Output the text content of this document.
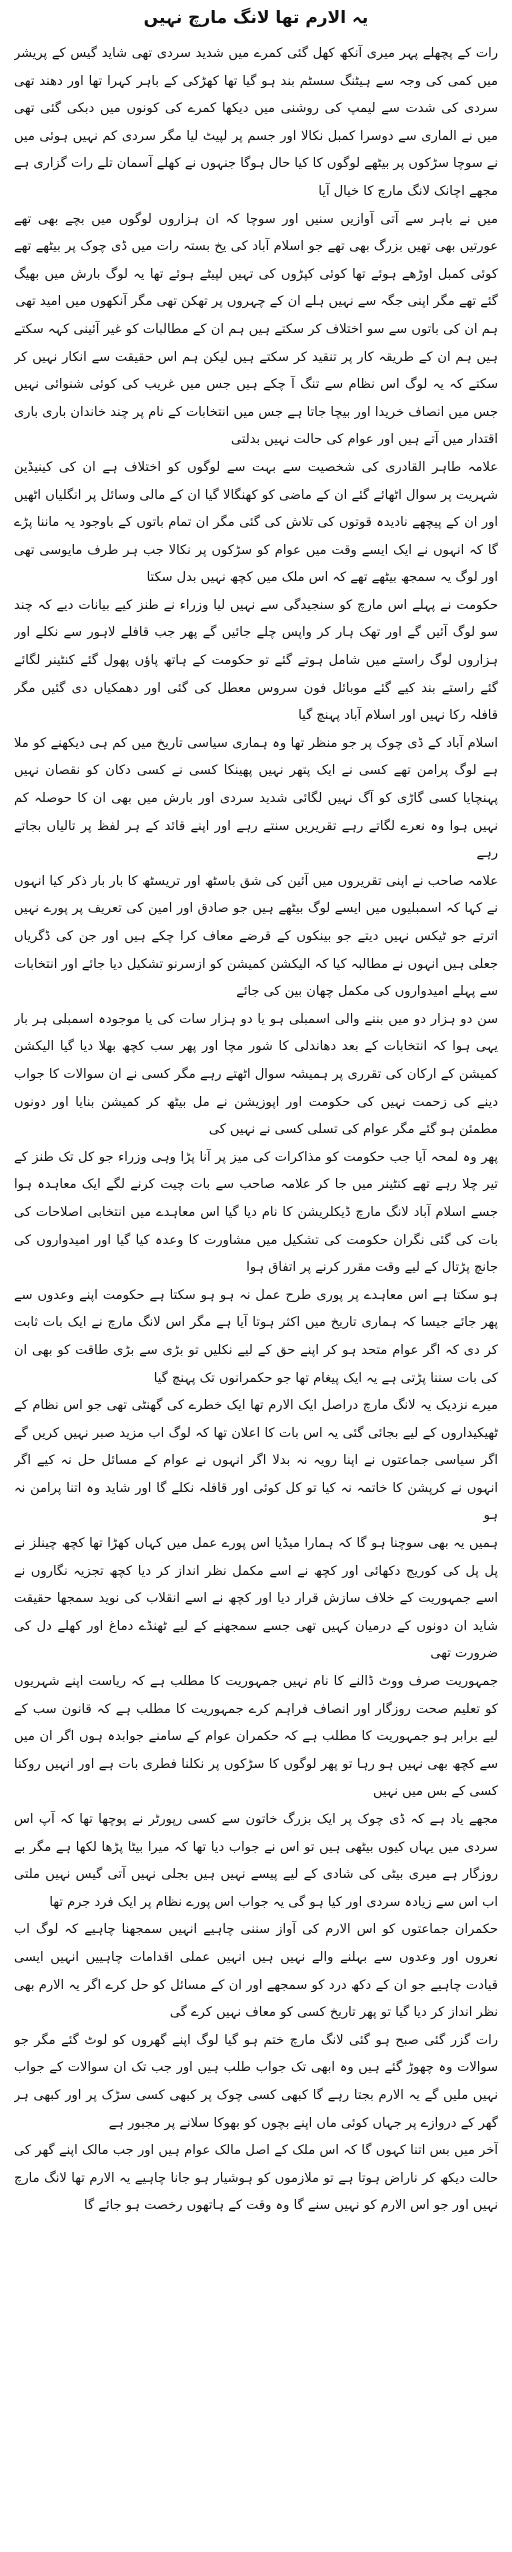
یہ الارم تھا لانگ مارچ نہیں

رات کے پچھلے پہر میری آنکھ کھل گئی کمرے میں شدید سردی تھی شاید گیس کے پریشر میں کمی کی وجہ سے ہیٹنگ سسٹم بند ہو گیا تھا کھڑکی کے باہر کہرا تھا اور دھند تھی سردی کی شدت سے لیمپ کی روشنی میں دیکھا کمرے کی کونوں میں دبکی گئی تھی میں نے الماری سے دوسرا کمبل نکالا اور جسم پر لپیٹ لیا مگر سردی کم نہیں ہوئی میں نے سوچا سڑکوں پر بیٹھے لوگوں کا کیا حال ہوگا جنہوں نے کھلے آسمان تلے رات گزاری ہے مجھے اچانک لانگ مارچ کا خیال آیا

میں نے باہر سے آتی آوازیں سنیں اور سوچا کہ ان ہزاروں لوگوں میں بچے بھی تھے عورتیں بھی تھیں بزرگ بھی تھے جو اسلام آباد کی یخ بستہ رات میں ڈی چوک پر بیٹھے تھے کوئی کمبل اوڑھے ہوئے تھا کوئی کپڑوں کی تہیں لپیٹے ہوئے تھا یہ لوگ بارش میں بھیگ گئے تھے مگر اپنی جگہ سے نہیں ہلے ان کے چہروں پر تھکن تھی مگر آنکھوں میں امید تھی

ہم ان کی باتوں سے سو اختلاف کر سکتے ہیں ہم ان کے مطالبات کو غیر آئینی کہہ سکتے ہیں ہم ان کے طریقہ کار پر تنقید کر سکتے ہیں لیکن ہم اس حقیقت سے انکار نہیں کر سکتے کہ یہ لوگ اس نظام سے تنگ آ چکے ہیں جس میں غریب کی کوئی شنوائی نہیں جس میں انصاف خریدا اور بیچا جاتا ہے جس میں انتخابات کے نام پر چند خاندان باری باری اقتدار میں آتے ہیں اور عوام کی حالت نہیں بدلتی

علامہ طاہر القادری کی شخصیت سے بہت سے لوگوں کو اختلاف ہے ان کی کینیڈین شہریت پر سوال اٹھائے گئے ان کے ماضی کو کھنگالا گیا ان کے مالی وسائل پر انگلیاں اٹھیں اور ان کے پیچھے نادیدہ قوتوں کی تلاش کی گئی مگر ان تمام باتوں کے باوجود یہ ماننا پڑے گا کہ انہوں نے ایک ایسے وقت میں عوام کو سڑکوں پر نکالا جب ہر طرف مایوسی تھی اور لوگ یہ سمجھ بیٹھے تھے کہ اس ملک میں کچھ نہیں بدل سکتا

حکومت نے پہلے اس مارچ کو سنجیدگی سے نہیں لیا وزراء نے طنز کیے بیانات دیے کہ چند سو لوگ آئیں گے اور تھک ہار کر واپس چلے جائیں گے پھر جب قافلے لاہور سے نکلے اور ہزاروں لوگ راستے میں شامل ہوتے گئے تو حکومت کے ہاتھ پاؤں پھول گئے کنٹینر لگائے گئے راستے بند کیے گئے موبائل فون سروس معطل کی گئی اور دھمکیاں دی گئیں مگر قافلہ رکا نہیں اور اسلام آباد پہنچ گیا

اسلام آباد کے ڈی چوک پر جو منظر تھا وہ ہماری سیاسی تاریخ میں کم ہی دیکھنے کو ملا ہے لوگ پرامن تھے کسی نے ایک پتھر نہیں پھینکا کسی نے کسی دکان کو نقصان نہیں پہنچایا کسی گاڑی کو آگ نہیں لگائی شدید سردی اور بارش میں بھی ان کا حوصلہ کم نہیں ہوا وہ نعرے لگاتے رہے تقریریں سنتے رہے اور اپنے قائد کے ہر لفظ پر تالیاں بجاتے رہے

علامہ صاحب نے اپنی تقریروں میں آئین کی شق باسٹھ اور تریسٹھ کا بار بار ذکر کیا انہوں نے کہا کہ اسمبلیوں میں ایسے لوگ بیٹھے ہیں جو صادق اور امین کی تعریف پر پورے نہیں اترتے جو ٹیکس نہیں دیتے جو بینکوں کے قرضے معاف کرا چکے ہیں اور جن کی ڈگریاں جعلی ہیں انہوں نے مطالبہ کیا کہ الیکشن کمیشن کو ازسرنو تشکیل دیا جائے اور انتخابات سے پہلے امیدواروں کی مکمل چھان بین کی جائے

سن دو ہزار دو میں بننے والی اسمبلی ہو یا دو ہزار سات کی یا موجودہ اسمبلی ہر بار یہی ہوا کہ انتخابات کے بعد دھاندلی کا شور مچا اور پھر سب کچھ بھلا دیا گیا الیکشن کمیشن کے ارکان کی تقرری پر ہمیشہ سوال اٹھتے رہے مگر کسی نے ان سوالات کا جواب دینے کی زحمت نہیں کی حکومت اور اپوزیشن نے مل بیٹھ کر کمیشن بنایا اور دونوں مطمئن ہو گئے مگر عوام کی تسلی کسی نے نہیں کی

پھر وہ لمحہ آیا جب حکومت کو مذاکرات کی میز پر آنا پڑا وہی وزراء جو کل تک طنز کے تیر چلا رہے تھے کنٹینر میں جا کر علامہ صاحب سے بات چیت کرنے لگے ایک معاہدہ ہوا جسے اسلام آباد لانگ مارچ ڈیکلریشن کا نام دیا گیا اس معاہدے میں انتخابی اصلاحات کی بات کی گئی نگران حکومت کی تشکیل میں مشاورت کا وعدہ کیا گیا اور امیدواروں کی جانچ پڑتال کے لیے وقت مقرر کرنے پر اتفاق ہوا

ہو سکتا ہے اس معاہدے پر پوری طرح عمل نہ ہو ہو سکتا ہے حکومت اپنے وعدوں سے پھر جائے جیسا کہ ہماری تاریخ میں اکثر ہوتا آیا ہے مگر اس لانگ مارچ نے ایک بات ثابت کر دی کہ اگر عوام متحد ہو کر اپنے حق کے لیے نکلیں تو بڑی سے بڑی طاقت کو بھی ان کی بات سننا پڑتی ہے یہ ایک پیغام تھا جو حکمرانوں تک پہنچ گیا

میرے نزدیک یہ لانگ مارچ دراصل ایک الارم تھا ایک خطرے کی گھنٹی تھی جو اس نظام کے ٹھیکیداروں کے لیے بجائی گئی یہ اس بات کا اعلان تھا کہ لوگ اب مزید صبر نہیں کریں گے اگر سیاسی جماعتوں نے اپنا رویہ نہ بدلا اگر انہوں نے عوام کے مسائل حل نہ کیے اگر انہوں نے کرپشن کا خاتمہ نہ کیا تو کل کوئی اور قافلہ نکلے گا اور شاید وہ اتنا پرامن نہ ہو

ہمیں یہ بھی سوچنا ہو گا کہ ہمارا میڈیا اس پورے عمل میں کہاں کھڑا تھا کچھ چینلز نے پل پل کی کوریج دکھائی اور کچھ نے اسے مکمل نظر انداز کر دیا کچھ تجزیہ نگاروں نے اسے جمہوریت کے خلاف سازش قرار دیا اور کچھ نے اسے انقلاب کی نوید سمجھا حقیقت شاید ان دونوں کے درمیان کہیں تھی جسے سمجھنے کے لیے ٹھنڈے دماغ اور کھلے دل کی ضرورت تھی

جمہوریت صرف ووٹ ڈالنے کا نام نہیں جمہوریت کا مطلب ہے کہ ریاست اپنے شہریوں کو تعلیم صحت روزگار اور انصاف فراہم کرے جمہوریت کا مطلب ہے کہ قانون سب کے لیے برابر ہو جمہوریت کا مطلب ہے کہ حکمران عوام کے سامنے جوابدہ ہوں اگر ان میں سے کچھ بھی نہیں ہو رہا تو پھر لوگوں کا سڑکوں پر نکلنا فطری بات ہے اور انہیں روکنا کسی کے بس میں نہیں

مجھے یاد ہے کہ ڈی چوک پر ایک بزرگ خاتون سے کسی رپورٹر نے پوچھا تھا کہ آپ اس سردی میں یہاں کیوں بیٹھی ہیں تو اس نے جواب دیا تھا کہ میرا بیٹا پڑھا لکھا ہے مگر بے روزگار ہے میری بیٹی کی شادی کے لیے پیسے نہیں ہیں بجلی نہیں آتی گیس نہیں ملتی اب اس سے زیادہ سردی اور کیا ہو گی یہ جواب اس پورے نظام پر ایک فرد جرم تھا

حکمران جماعتوں کو اس الارم کی آواز سننی چاہیے انہیں سمجھنا چاہیے کہ لوگ اب نعروں اور وعدوں سے بہلنے والے نہیں ہیں انہیں عملی اقدامات چاہییں انہیں ایسی قیادت چاہیے جو ان کے دکھ درد کو سمجھے اور ان کے مسائل کو حل کرے اگر یہ الارم بھی نظر انداز کر دیا گیا تو پھر تاریخ کسی کو معاف نہیں کرے گی

رات گزر گئی صبح ہو گئی لانگ مارچ ختم ہو گیا لوگ اپنے گھروں کو لوٹ گئے مگر جو سوالات وہ چھوڑ گئے ہیں وہ ابھی تک جواب طلب ہیں اور جب تک ان سوالات کے جواب نہیں ملیں گے یہ الارم بجتا رہے گا کبھی کسی چوک پر کبھی کسی سڑک پر اور کبھی ہر گھر کے دروازے پر جہاں کوئی ماں اپنے بچوں کو بھوکا سلانے پر مجبور ہے

آخر میں بس اتنا کہوں گا کہ اس ملک کے اصل مالک عوام ہیں اور جب مالک اپنے گھر کی حالت دیکھ کر ناراض ہوتا ہے تو ملازموں کو ہوشیار ہو جانا چاہیے یہ الارم تھا لانگ مارچ نہیں اور جو اس الارم کو نہیں سنے گا وہ وقت کے ہاتھوں رخصت ہو جائے گا
